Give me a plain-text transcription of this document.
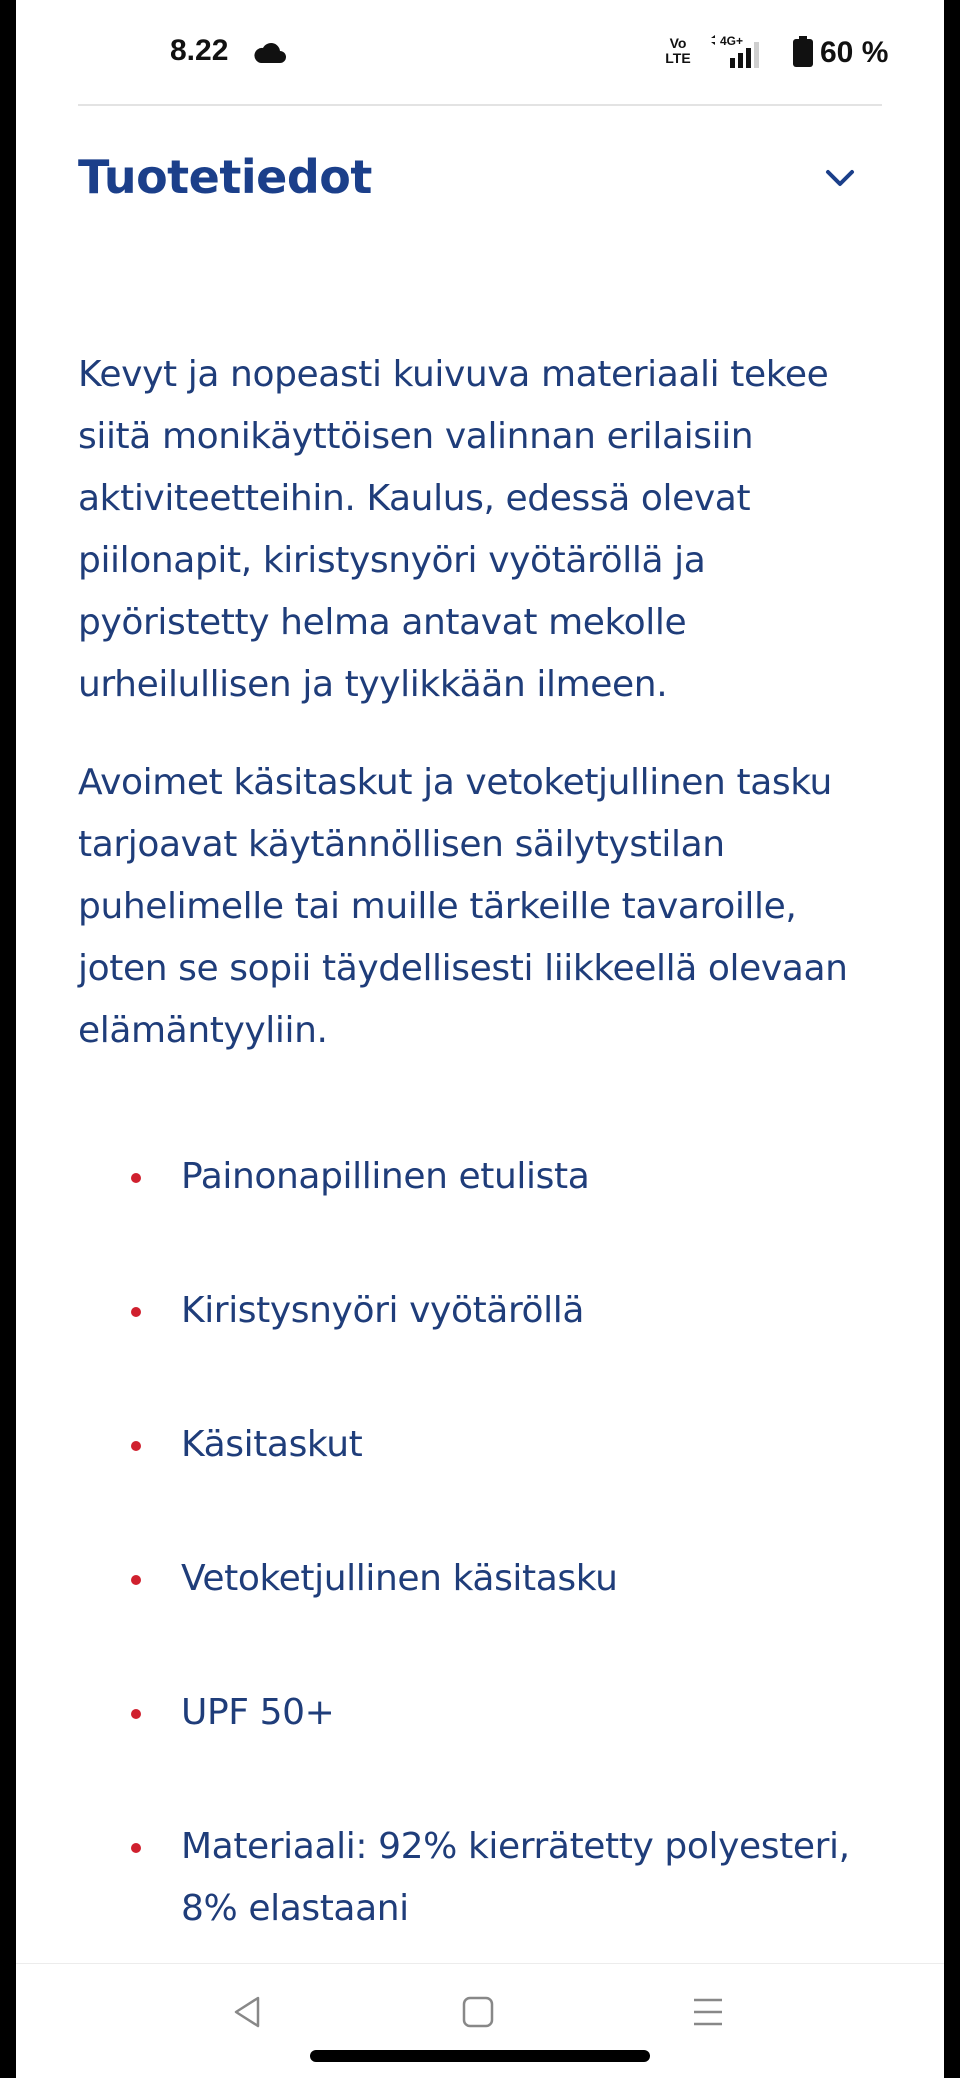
8.22	Vo
LTE
4G+	60 %
Tuotetiedot

Kevyt ja nopeasti kuivuva materiaali tekee siitä monikäyttöisen valinnan erilaisiin aktiviteetteihin. Kaulus, edessä olevat piilonapit, kiristysnyöri vyötäröllä ja pyöristetty helma antavat mekolle urheilullisen ja tyylikkään ilmeen.

Avoimet käsitaskut ja vetoketjullinen tasku tarjoavat käytännöllisen säilytystilan puhelimelle tai muille tärkeille tavaroille, joten se sopii täydellisesti liikkeellä olevaan elämäntyyliin.

Painonapillinen etulista
Kiristysnyöri vyötäröllä
Käsitaskut
Vetoketjullinen käsitasku
UPF 50+
Materiaali: 92% kierrätetty polyesteri, 8% elastaani
